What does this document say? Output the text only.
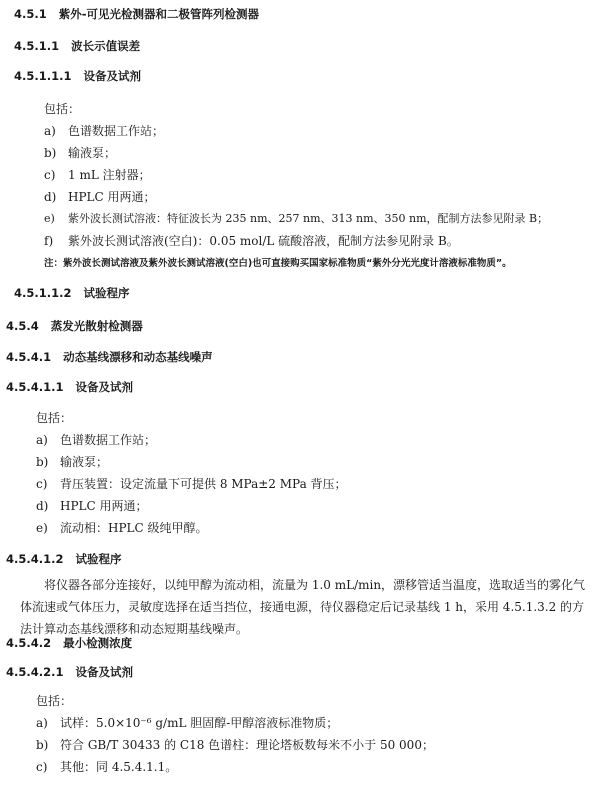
4.5.1 紫外-可见光检测器和二极管阵列检测器
4.5.1.1 波长示值误差
4.5.1.1.1 设备及试剂
包括：
a) 色谱数据工作站；
b) 输液泵；
c) 1 mL 注射器；
d) HPLC 用两通；
e) 紫外波长测试溶液：特征波长为 235 nm、257 nm、313 nm、350 nm，配制方法参见附录 B；
f) 紫外波长测试溶液(空白)：0.05 mol/L 硫酸溶液，配制方法参见附录 B。
注：紫外波长测试溶液及紫外波长测试溶液(空白)也可直接购买国家标准物质“紫外分光光度计溶液标准物质”。
4.5.1.1.2 试验程序
4.5.4 蒸发光散射检测器
4.5.4.1 动态基线漂移和动态基线噪声
4.5.4.1.1 设备及试剂
包括：
a) 色谱数据工作站；
b) 输液泵；
c) 背压装置：设定流量下可提供 8 MPa±2 MPa 背压；
d) HPLC 用两通；
e) 流动相：HPLC 级纯甲醇。
4.5.4.1.2 试验程序
将仪器各部分连接好，以纯甲醇为流动相，流量为 1.0 mL/min，漂移管适当温度，选取适当的雾化气体流速或气体压力，灵敏度选择在适当挡位，接通电源，待仪器稳定后记录基线 1 h，采用 4.5.1.3.2 的方法计算动态基线漂移和动态短期基线噪声。
4.5.4.2 最小检测浓度
4.5.4.2.1 设备及试剂
包括：
a) 试样：5.0×10⁻⁶ g/mL 胆固醇-甲醇溶液标准物质；
b) 符合 GB/T 30433 的 C18 色谱柱：理论塔板数每米不小于 50 000；
c) 其他：同 4.5.4.1.1。
